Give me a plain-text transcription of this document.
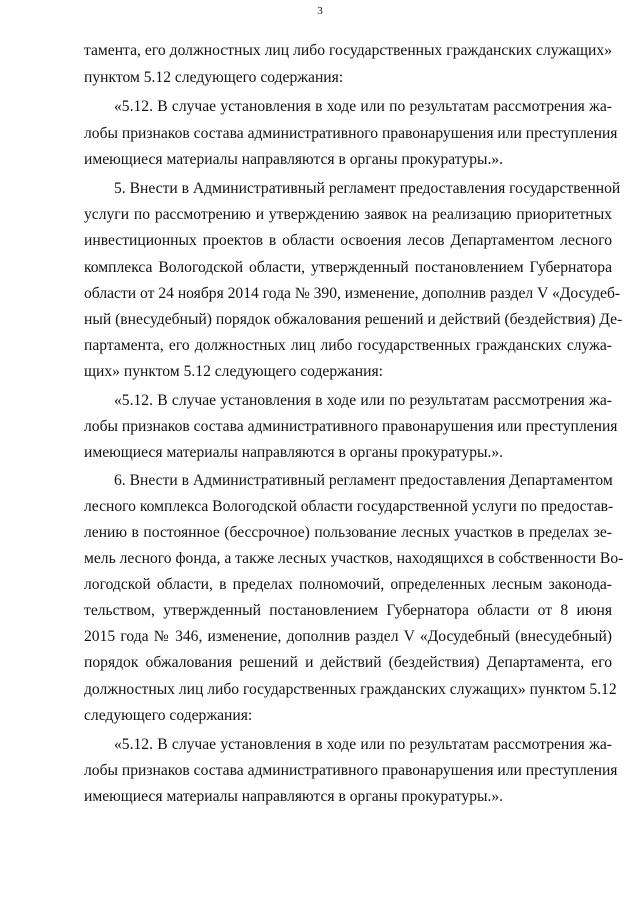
3
тамента, его должностных лиц либо государственных гражданских служащих»
пунктом 5.12 следующего содержания:
«5.12. В случае установления в ходе или по результатам рассмотрения жа-
лобы признаков состава административного правонарушения или преступления
имеющиеся материалы направляются в органы прокуратуры.».
5. Внести в Административный регламент предоставления государственной
услуги по рассмотрению и утверждению заявок на реализацию приоритетных
инвестиционных проектов в области освоения лесов Департаментом лесного
комплекса Вологодской области, утвержденный постановлением Губернатора
области от 24 ноября 2014 года № 390, изменение, дополнив раздел V «Досудеб-
ный (внесудебный) порядок обжалования решений и действий (бездействия) Де-
партамента, его должностных лиц либо государственных гражданских служа-
щих» пунктом 5.12 следующего содержания:
«5.12. В случае установления в ходе или по результатам рассмотрения жа-
лобы признаков состава административного правонарушения или преступления
имеющиеся материалы направляются в органы прокуратуры.».
6. Внести в Административный регламент предоставления Департаментом
лесного комплекса Вологодской области государственной услуги по предостав-
лению в постоянное (бессрочное) пользование лесных участков в пределах зе-
мель лесного фонда, а также лесных участков, находящихся в собственности Во-
логодской области, в пределах полномочий, определенных лесным законода-
тельством, утвержденный постановлением Губернатора области от 8 июня
2015 года № 346, изменение, дополнив раздел V «Досудебный (внесудебный)
порядок обжалования решений и действий (бездействия) Департамента, его
должностных лиц либо государственных гражданских служащих» пунктом 5.12
следующего содержания:
«5.12. В случае установления в ходе или по результатам рассмотрения жа-
лобы признаков состава административного правонарушения или преступления
имеющиеся материалы направляются в органы прокуратуры.».
